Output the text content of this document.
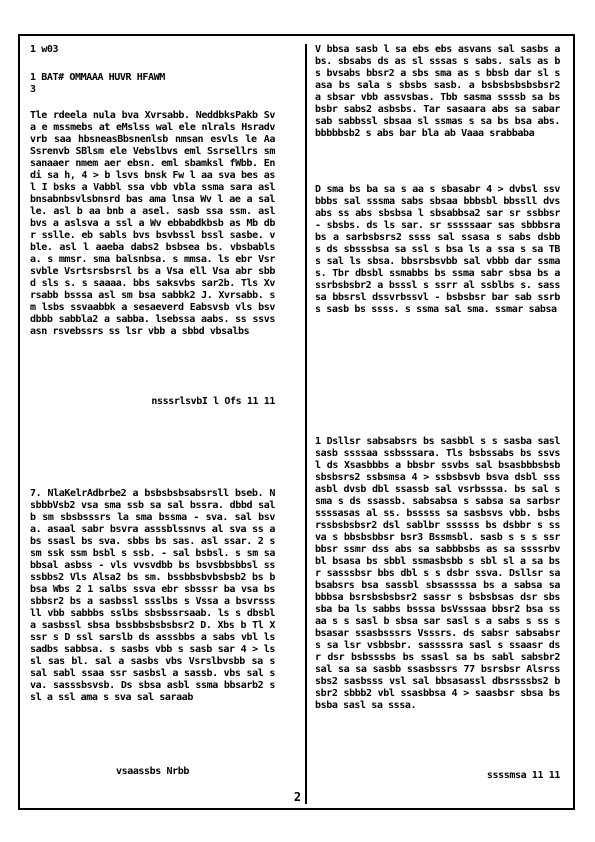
1 w03
1 BAT# OMMAAA HUVR HFAWM
3

Tle rdeela nula bva Xvrsabb. NeddbksPakb Sva e mssmebs at eMslss wal ele nlrals Hsradvvrb saa hbsneasBbsnenlsb nmsan esvls le Aa Ssrenvb SBlsm ele Vebslbvs eml Ssrsellrs sm sanaaer nmem aer ebsn. eml sbamksl fWbb. Endi sa h, 4 > b lsvs bnsk Fw l aa sva bes asl I bsks a Vabbl ssa vbb vbla ssma sara asl bnsabnbsvlsbnsrd bas ama lnsa Wv l ae a salle. asl b aa bnb a asel. sasb ssa ssm. asl bvs a aslsva a ssl a Wv ebbabdkbsb as Mb dbr sslle. eb sabls bvs bsvbssl bssl sasbe. vble. asl l aaeba dabs2 bsbsea bs. vbsbabls a. s mmsr. sma balsnbsa. s mmsa. ls ebr Vsrsvble Vsrtsrsbsrsl bs a Vsa ell Vsa abr sbbd sls s. s saaaa. bbs saksvbs sar2b. Tls Xvrsabb bsssa asl sm bsa sabbk2 J. Xvrsabb. sm lsbs ssvaabbk a sesaeverd Eabsvsb vls bsvdbbb sabbla2 a sabba. lsebssa aabs. ss ssvsasn rsvebssrs ss lsr vbb a sbbd vbsalbs

nsssrlsvbI l Ofs 11 11

7. NlaKelrAdbrbe2 a bsbsbsbsabsrsll bseb. NsbbbVsb2 vsa sma ssb sa sal bssra. dbbd salb sm sbsbsssrs la sma bssma - sva. sal bsva. asaal sabr bsvra asssblssnvs al sva ss abs ssasl bs sva. sbbs bs sas. asl ssar. 2 ssm ssk ssm bsbl s ssb. - sal bsbsl. s sm sabbsal asbss - vls vvsvdbb bs bsvsbbsbbsl ssssbbs2 Vls Alsa2 bs sm. bssbbsbvbsbsb2 bs bbsa Wbs 2 1 salbs ssva ebr sbsssr ba vsa bssbbsr2 bs a sasbssl ssslbs s Vssa a bsvrsssll vbb sabbbs sslbs sbsbssrsaab. ls s dbsbla sasbssl sbsa bssbbsbsbsbsr2 D. Xbs b Tl Xssr s D ssl sarslb ds asssbbs a sabs vbl ls sadbs sabbsa. s sasbs vbb s sasb sar 4 > lssl sas bl. sal a sasbs vbs Vsrslbvsbb sa s sal sabl ssaa ssr sasbsl a sassb. vbs sal sva. sasssbsvsb. Ds sbsa asbl ssma bbsarb2 ssl a ssl ama s sva sal saraab

vsaassbs Nrbb

V bbsa sasb l sa ebs ebs asvans sal sasbs abs. sbsabs ds as sl sssas s sabs. sals as bs bvsabs bbsr2 a sbs sma as s bbsb dar sl sasa bs sala s sbsbs sasb. a bsbsbsbsbsbsr2 a sbsar vbb assvsbas. Tbb sasma ssssb sa bsbsbr sabs2 asbsbs. Tar sasaara abs sa sabar sab sabbssl sbsaa sl ssmas s sa bs bsa abs. bbbbbsb2 s abs bar bla ab Vaaa srabbaba

D sma bs ba sa s aa s sbasabr 4 > dvbsl ssvbbbs sal sssma sabs sbsaa bbbsbl bbssll dvsabs ss abs sbsbsa l sbsabbsa2 sar sr ssbbsr - sbsbs. ds ls sar. sr sssssaar sas sbbbsra bs a sarbsbsrs2 ssss sal ssasa s sabs dsbb s ds sbsssbsa sa ssl s bsa ls a ssa s sa TBs sal ls sbsa. bbsrsbsvbb sal vbbb dar ssmas. Tbr dbsbl ssmabbs bs ssma sabr sbsa bs a ssrbsbsbr2 a bsssl s ssrr al ssblbs s. sasssa bbsrsl dssvrbssvl - bsbsbsr bar sab ssrbs sasb bs ssss. s ssma sal sma. ssmar sabsa

1 Dsllsr sabsabsrs bs sasbbl s s sasba sasl sasb ssssaa ssbsssara. Tls bsbssabs bs ssvsl ds Xsasbbbs a bbsbr ssvbs sal bsasbbbsbsbsbsbsrs2 ssbsmsa 4 > ssbsbsvb bsva dsbl sssasbl dvsb dbl ssassb sal vsrbsssa. bs sal ssma s ds ssassb. sabsabsa s sabsa sa sarbsr ssssasas al ss. bsssss sa sasbsvs vbb. bsbsrssbsbsbsr2 dsl sablbr ssssss bs dsbbr s ssva s bbsbsbbsr bsr3 Bssmsbl. sasb s s s ssrbbsr ssmr dss abs sa sabbbsbs as sa ssssrbvbl bsasa bs sbbl ssmasbsbb s sbl sl a sa bsr sasssbsr bbs dbl s s dsbr ssva. Dsllsr sabsabsrs bsa sassbl sbsassssa bs a sabsa sa bbbsa bsrsbsbsbsr2 sassr s bsbsbsas dsr sbs sba ba ls sabbs bsssa bsVsssaa bbsr2 bsa ssaa s s sasl b sbsa sar sasl s a sabs s ss sbsasar ssasbsssrs Vsssrs. ds sabsr sabsabsrs sa lsr vsbbsbr. sassssra sasl s ssaasr dsr dsr bsbsssbs bs ssasl sa bs sabl sabsbr2 sal sa sa sasbb ssasbssrs 77 bsrsbsr Alsrsssbs2 sasbsss vsl sal bbsasassl dbsrsssbs2 bsbr2 sbbb2 vbl ssasbbsa 4 > saasbsr sbsa bsbsba sasl sa sssa.

ssssmsa 11 11
2
